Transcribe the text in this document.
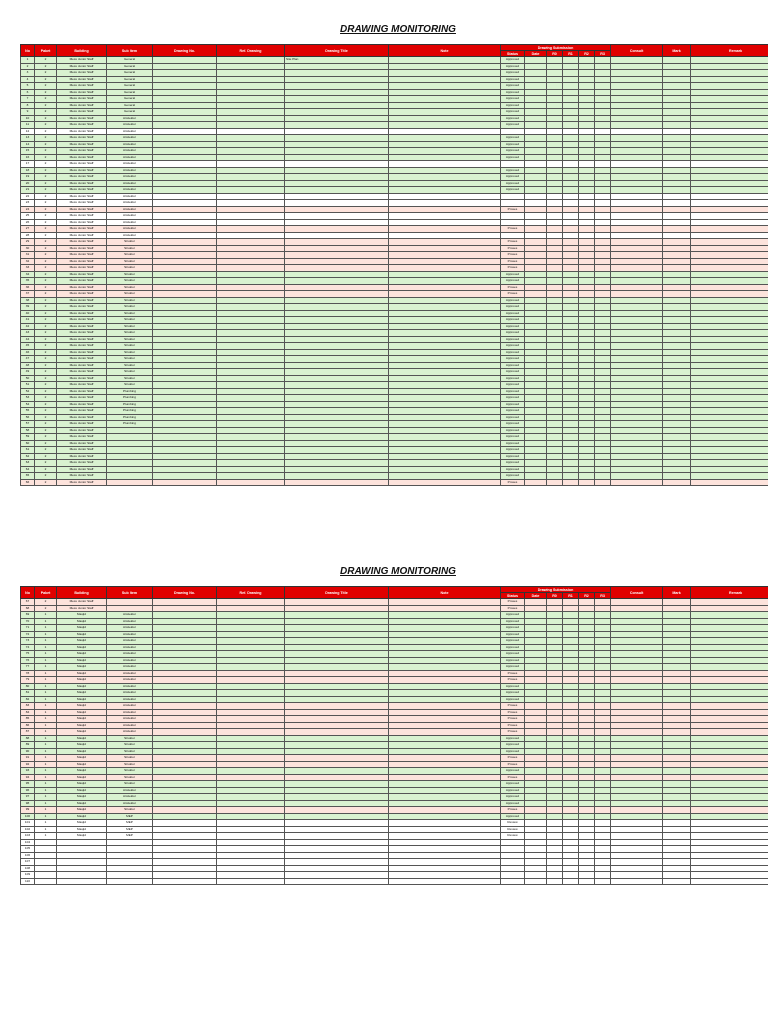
DRAWING MONITORING
No	Paket	Building	Sub Item	Drawing No.	Ref. Drawing	Drawing Title	Note	Drawing Submission						Consult	Mark	Remark
								Status	Date	R0	R1	R2	R3			
1	2	Mess Junior Staff	General			Site Plan		Approved								
2	2	Mess Junior Staff	General					Approved								
3	2	Mess Junior Staff	General					Approved								
4	2	Mess Junior Staff	General					Approved								
5	2	Mess Junior Staff	General					Approved								
6	2	Mess Junior Staff	General					Approved								
7	2	Mess Junior Staff	General					Approved								
8	2	Mess Junior Staff	General					Approved								
9	2	Mess Junior Staff	General					Approved								
10	2	Mess Junior Staff	Arsitektur					Approved								
11	2	Mess Junior Staff	Arsitektur					Approved								
12	2	Mess Junior Staff	Arsitektur													
13	2	Mess Junior Staff	Arsitektur					Approved								
14	2	Mess Junior Staff	Arsitektur					Approved								
15	2	Mess Junior Staff	Arsitektur					Approved								
16	2	Mess Junior Staff	Arsitektur					Approved								
17	2	Mess Junior Staff	Arsitektur													
18	2	Mess Junior Staff	Arsitektur					Approved								
19	2	Mess Junior Staff	Arsitektur					Approved								
20	2	Mess Junior Staff	Arsitektur					Approved								
21	2	Mess Junior Staff	Arsitektur					Approved								
22	2	Mess Junior Staff	Arsitektur													
23	2	Mess Junior Staff	Arsitektur													
24	2	Mess Junior Staff	Arsitektur					Proses								
25	2	Mess Junior Staff	Arsitektur													
26	2	Mess Junior Staff	Arsitektur													
27	2	Mess Junior Staff	Arsitektur					Proses								
28	2	Mess Junior Staff	Arsitektur													
29	2	Mess Junior Staff	Struktur					Proses								
30	2	Mess Junior Staff	Struktur					Proses								
31	2	Mess Junior Staff	Struktur					Proses								
32	2	Mess Junior Staff	Struktur					Proses								
33	2	Mess Junior Staff	Struktur					Proses								
34	2	Mess Junior Staff	Struktur					Approved								
35	2	Mess Junior Staff	Struktur					Approved								
36	2	Mess Junior Staff	Struktur					Proses								
37	2	Mess Junior Staff	Struktur					Proses								
38	2	Mess Junior Staff	Struktur					Approved								
39	2	Mess Junior Staff	Struktur					Approved								
40	2	Mess Junior Staff	Struktur					Approved								
41	2	Mess Junior Staff	Struktur					Approved								
42	2	Mess Junior Staff	Struktur					Approved								
43	2	Mess Junior Staff	Struktur					Approved								
44	2	Mess Junior Staff	Struktur					Approved								
45	2	Mess Junior Staff	Struktur					Approved								
46	2	Mess Junior Staff	Struktur					Approved								
47	2	Mess Junior Staff	Struktur					Approved								
48	2	Mess Junior Staff	Struktur					Approved								
49	2	Mess Junior Staff	Struktur					Approved								
50	2	Mess Junior Staff	Struktur					Approved								
51	2	Mess Junior Staff	Struktur					Approved								
52	2	Mess Junior Staff	Plumbing					Approved								
53	2	Mess Junior Staff	Plumbing					Approved								
54	2	Mess Junior Staff	Plumbing					Approved								
55	2	Mess Junior Staff	Plumbing					Approved								
56	2	Mess Junior Staff	Plumbing					Approved								
57	2	Mess Junior Staff	Plumbing					Approved								
58	2	Mess Junior Staff						Approved								
59	2	Mess Junior Staff						Approved								
60	2	Mess Junior Staff						Approved								
61	2	Mess Junior Staff						Approved								
62	2	Mess Junior Staff						Approved								
63	2	Mess Junior Staff						Approved								
64	2	Mess Junior Staff						Approved								
65	2	Mess Junior Staff						Approved								
66	2	Mess Junior Staff						Proses								
DRAWING MONITORING
No	Paket	Building	Sub Item	Drawing No.	Ref. Drawing	Drawing Title	Note	Drawing Submission						Consult	Mark	Remark
								Status	Date	R0	R1	R2	R3			
67	2	Mess Junior Staff						Proses								
68	2	Mess Junior Staff						Proses								
69	1	Masjid	Arsitektur					Approved								
70	1	Masjid	Arsitektur					Approved								
71	1	Masjid	Arsitektur					Approved								
72	1	Masjid	Arsitektur					Approved								
73	1	Masjid	Arsitektur					Approved								
74	1	Masjid	Arsitektur					Approved								
75	1	Masjid	Arsitektur					Approved								
76	1	Masjid	Arsitektur					Approved								
77	1	Masjid	Arsitektur					Approved								
78	1	Masjid	Arsitektur					Proses								
79	1	Masjid	Arsitektur					Proses								
80	1	Masjid	Arsitektur					Approved								
81	1	Masjid	Arsitektur					Approved								
82	1	Masjid	Arsitektur					Approved								
83	1	Masjid	Arsitektur					Proses								
84	1	Masjid	Arsitektur					Proses								
85	1	Masjid	Arsitektur					Proses								
86	1	Masjid	Arsitektur					Proses								
87	1	Masjid	Arsitektur					Proses								
88	1	Masjid	Struktur					Approved								
89	1	Masjid	Struktur					Approved								
90	1	Masjid	Struktur					Approved								
91	1	Masjid	Struktur					Proses								
92	1	Masjid	Struktur					Proses								
93	1	Masjid	Struktur					Approved								
94	1	Masjid	Struktur					Proses								
95	1	Masjid	Struktur					Approved								
96	1	Masjid	Arsitektur					Approved								
97	1	Masjid	Arsitektur					Approved								
98	1	Masjid	Arsitektur					Approved								
99	1	Masjid	Struktur					Proses								
100	1	Masjid	MEP					Approved								
101	1	Masjid	MEP					Review								
102	1	Masjid	MEP					Review								
103	1	Masjid	MEP					Review								
104																
105																
106																
107																
108																
109																
110																
